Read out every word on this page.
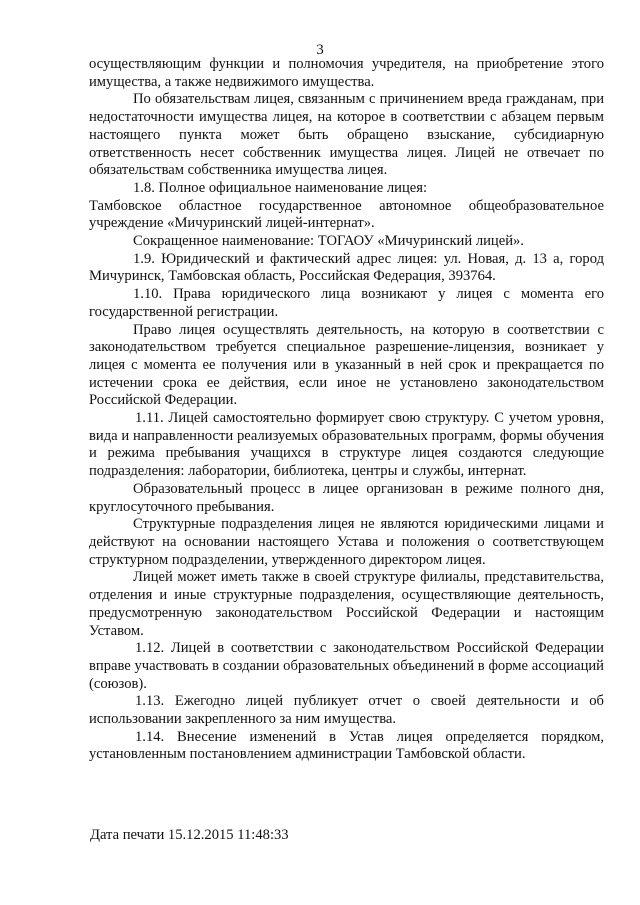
3

осуществляющим функции и полномочия учредителя, на приобретение этого имущества, а также недвижимого имущества.

По обязательствам лицея, связанным с причинением вреда гражданам, при недостаточности имущества лицея, на которое в соответствии с абзацем первым настоящего пункта может быть обращено взыскание, субсидиарную ответственность несет собственник имущества лицея. Лицей не отвечает по обязательствам собственника имущества лицея.

1.8. Полное официальное наименование лицея:

Тамбовское областное государственное автономное общеобразовательное учреждение «Мичуринский лицей-интернат».

Сокращенное наименование: ТОГАОУ «Мичуринский лицей».

1.9. Юридический и фактический адрес лицея: ул. Новая, д. 13 а, город Мичуринск, Тамбовская область, Российская Федерация, 393764.

1.10. Права юридического лица возникают у лицея с момента его государственной регистрации.

Право лицея осуществлять деятельность, на которую в соответствии с законодательством требуется специальное разрешение-лицензия, возникает у лицея с момента ее получения или в указанный в ней срок и прекращается по истечении срока ее действия, если иное не установлено законодательством Российской Федерации.

1.11. Лицей самостоятельно формирует свою структуру. С учетом уровня, вида и направленности реализуемых образовательных программ, формы обучения и режима пребывания учащихся в структуре лицея создаются следующие подразделения: лаборатории, библиотека, центры и службы, интернат.

Образовательный процесс в лицее организован в режиме полного дня, круглосуточного пребывания.

Структурные подразделения лицея не являются юридическими лицами и действуют на основании настоящего Устава и положения о соответствующем структурном подразделении, утвержденного директором лицея.

Лицей может иметь также в своей структуре филиалы, представительства, отделения и иные структурные подразделения, осуществляющие деятельность, предусмотренную законодательством Российской Федерации и настоящим Уставом.

1.12. Лицей в соответствии с законодательством Российской Федерации вправе участвовать в создании образовательных объединений в форме ассоциаций (союзов).

1.13. Ежегодно лицей публикует отчет о своей деятельности и об использовании закрепленного за ним имущества.

1.14. Внесение изменений в Устав лицея определяется порядком, установленным постановлением администрации Тамбовской области.

Дата печати 15.12.2015 11:48:33
